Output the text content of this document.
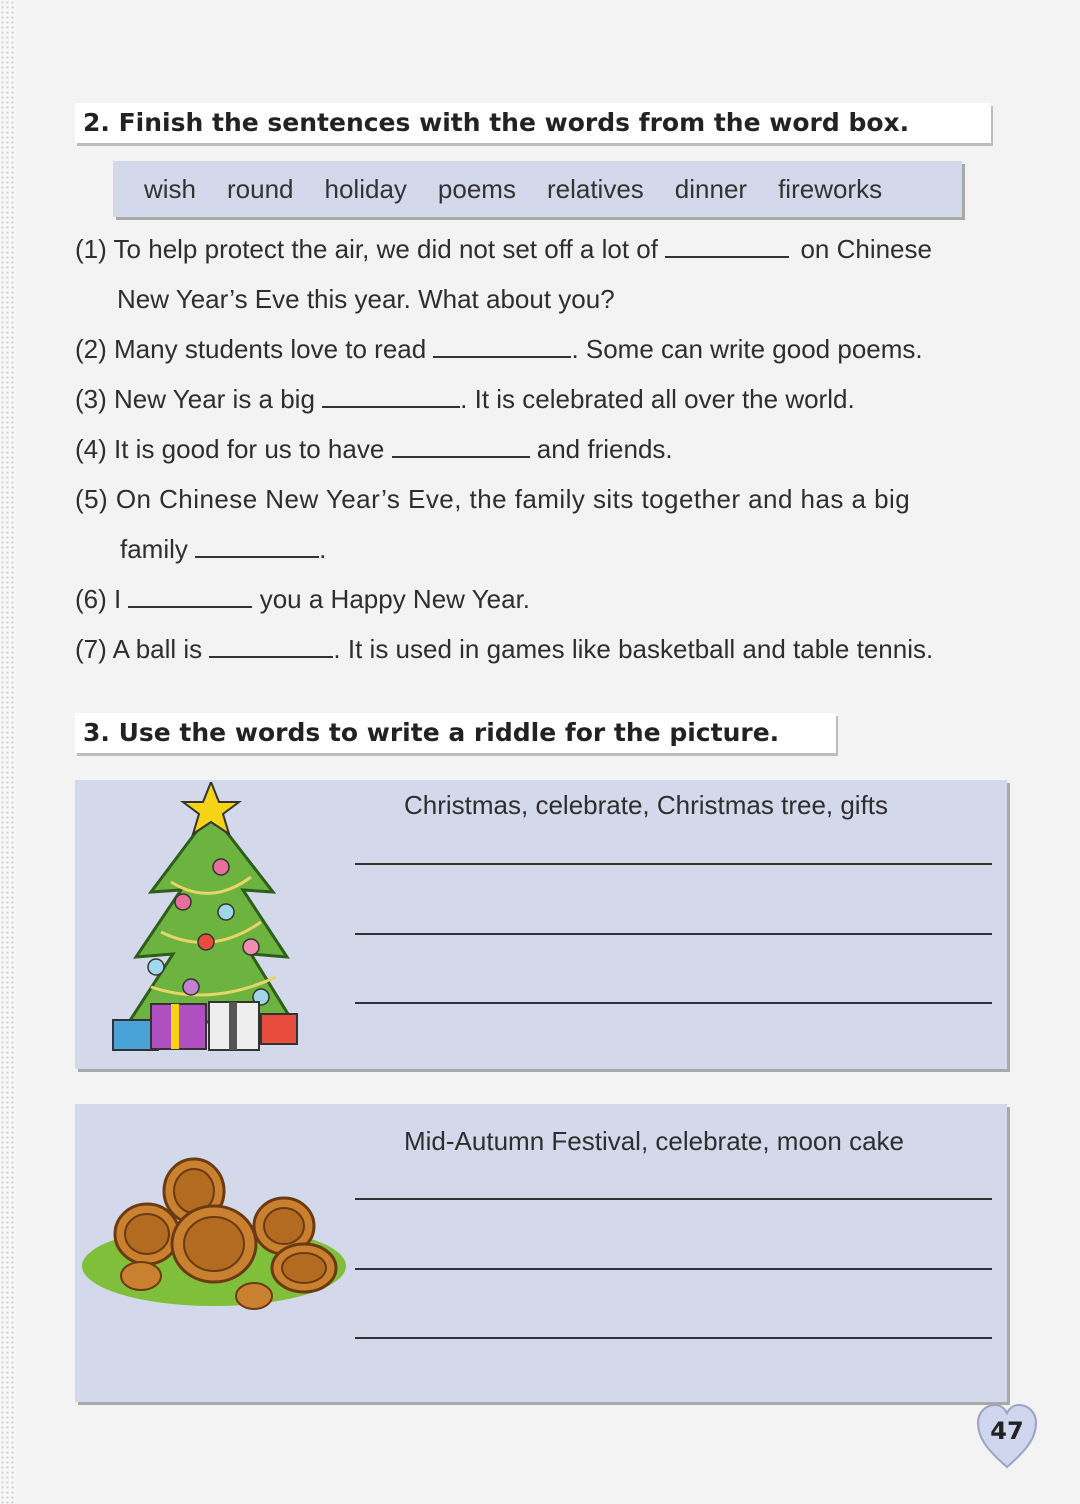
2. Finish the sentences with the words from the word box.
wish round holiday poems relatives dinner fireworks
(1) To help protect the air, we did not set off a lot of	on Chinese
New Year’s Eve this year. What about you?
(2) Many students love to read	. Some can write good poems.
(3) New Year is a big	. It is celebrated all over the world.
(4) It is good for us to have	and friends.
(5) On Chinese New Year’s Eve, the family sits together and has a big
family	.
(6) I	you a Happy New Year.
(7) A ball is	. It is used in games like basketball and table tennis.
3. Use the words to write a riddle for the picture.
Christmas, celebrate, Christmas tree, gifts
Mid-Autumn Festival, celebrate, moon cake
47
